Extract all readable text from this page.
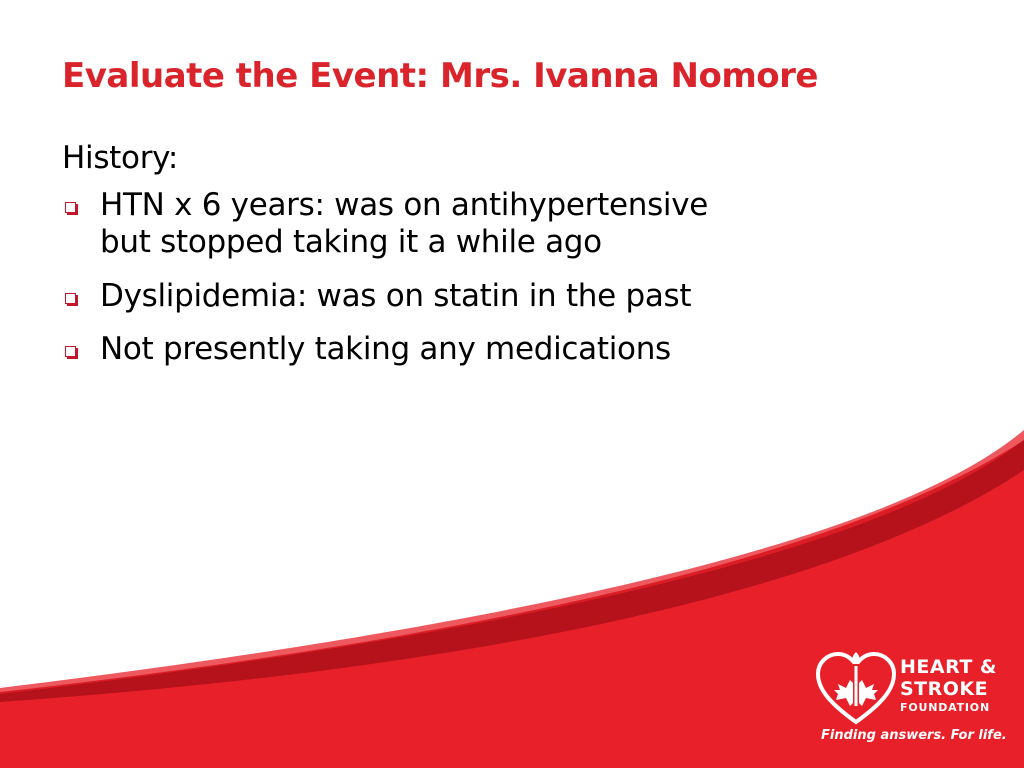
Evaluate the Event: Mrs. Ivanna Nomore

History:

HTN x 6 years: was on antihypertensive
but stopped taking it a while ago
Dyslipidemia: was on statin in the past
Not presently taking any medications
HEART &
STROKE
FOUNDATION
Finding answers. For life.
